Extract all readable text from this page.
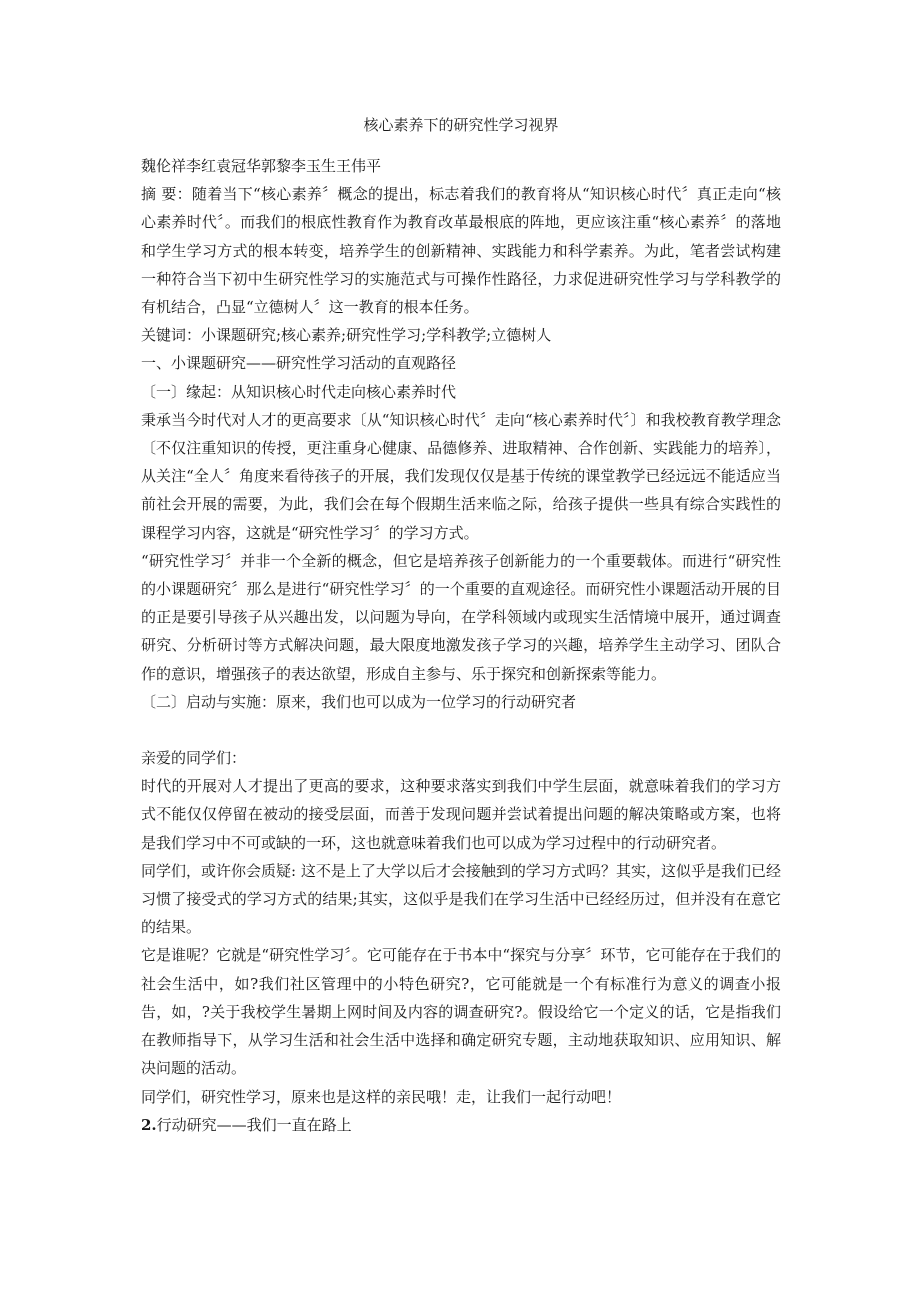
核心素养下的研究性学习视界

魏伦祥李红袁冠华郭黎李玉生王伟平

摘 要：随着当下“核心素养〞概念的提出，标志着我们的教育将从“知识核心时代〞真正走向“核心素养时代〞。而我们的根底性教育作为教育改革最根底的阵地，更应该注重“核心素养〞的落地和学生学习方式的根本转变，培养学生的创新精神、实践能力和科学素养。为此，笔者尝试构建一种符合当下初中生研究性学习的实施范式与可操作性路径，力求促进研究性学习与学科教学的有机结合，凸显“立德树人〞这一教育的根本任务。

关键词：小课题研究;核心素养;研究性学习;学科教学;立德树人

一、小课题研究——研究性学习活动的直观路径

〔一〕缘起：从知识核心时代走向核心素养时代

秉承当今时代对人才的更高要求〔从“知识核心时代〞走向“核心素养时代〞〕和我校教育教学理念〔不仅注重知识的传授，更注重身心健康、品德修养、进取精神、合作创新、实践能力的培养〕，从关注“全人〞角度来看待孩子的开展，我们发现仅仅是基于传统的课堂教学已经远远不能适应当前社会开展的需要，为此，我们会在每个假期生活来临之际，给孩子提供一些具有综合实践性的课程学习内容，这就是“研究性学习〞的学习方式。

“研究性学习〞并非一个全新的概念，但它是培养孩子创新能力的一个重要载体。而进行“研究性的小课题研究〞那么是进行“研究性学习〞的一个重要的直观途径。而研究性小课题活动开展的目的正是要引导孩子从兴趣出发，以问题为导向，在学科领域内或现实生活情境中展开，通过调查研究、分析研讨等方式解决问题，最大限度地激发孩子学习的兴趣，培养学生主动学习、团队合作的意识，增强孩子的表达欲望，形成自主参与、乐于探究和创新探索等能力。

〔二〕启动与实施：原来，我们也可以成为一位学习的行动研究者

亲爱的同学们：

时代的开展对人才提出了更高的要求，这种要求落实到我们中学生层面，就意味着我们的学习方式不能仅仅停留在被动的接受层面，而善于发现问题并尝试着提出问题的解决策略或方案，也将是我们学习中不可或缺的一环，这也就意味着我们也可以成为学习过程中的行动研究者。

同学们，或许你会质疑: 这不是上了大学以后才会接触到的学习方式吗？其实，这似乎是我们已经习惯了接受式的学习方式的结果;其实，这似乎是我们在学习生活中已经经历过，但并没有在意它的结果。

它是谁呢？它就是“研究性学习〞。它可能存在于书本中“探究与分享〞环节，它可能存在于我们的社会生活中，如?我们社区管理中的小特色研究?，它可能就是一个有标准行为意义的调查小报告，如，?关于我校学生暑期上网时间及内容的调查研究?。假设给它一个定义的话，它是指我们在教师指导下，从学习生活和社会生活中选择和确定研究专题，主动地获取知识、应用知识、解决问题的活动。

同学们，研究性学习，原来也是这样的亲民哦！走，让我们一起行动吧！

2.行动研究——我们一直在路上
